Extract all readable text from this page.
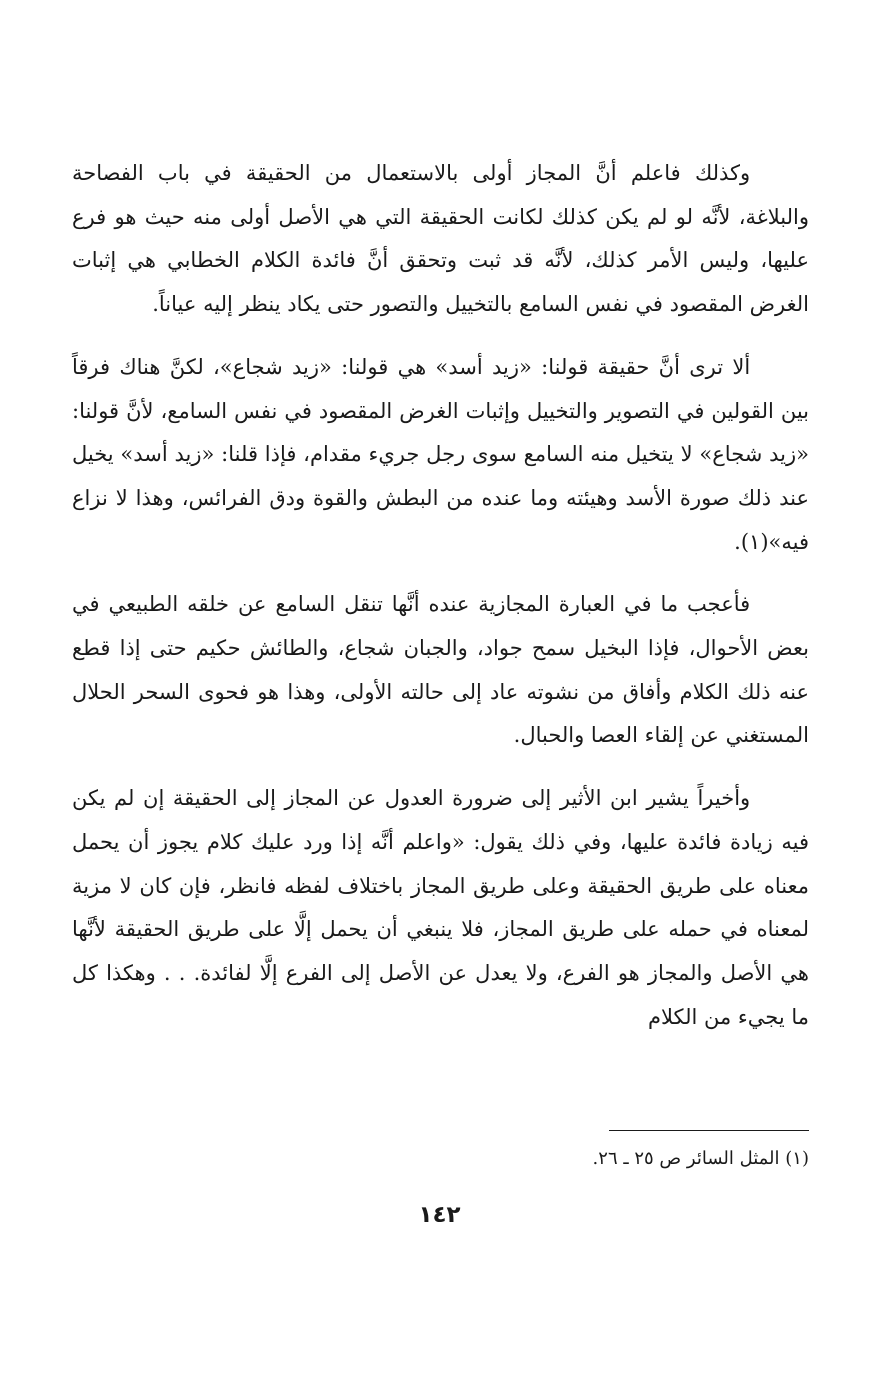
وكذلك فاعلم أنَّ المجاز أولى بالاستعمال من الحقيقة في باب الفصاحة والبلاغة، لأنَّه لو لم يكن كذلك لكانت الحقيقة التي هي الأصل أولى منه حيث هو فرع عليها، وليس الأمر كذلك، لأنَّه قد ثبت وتحقق أنَّ فائدة الكلام الخطابي هي إثبات الغرض المقصود في نفس السامع بالتخييل والتصور حتى يكاد ينظر إليه عياناً.

ألا ترى أنَّ حقيقة قولنا: «زيد أسد» هي قولنا: «زيد شجاع»، لكنَّ هناك فرقاً بين القولين في التصوير والتخييل وإثبات الغرض المقصود في نفس السامع، لأنَّ قولنا: «زيد شجاع» لا يتخيل منه السامع سوى رجل جريء مقدام، فإذا قلنا: «زيد أسد» يخيل عند ذلك صورة الأسد وهيئته وما عنده من البطش والقوة ودق الفرائس، وهذا لا نزاع فيه»(١).

فأعجب ما في العبارة المجازية عنده أنَّها تنقل السامع عن خلقه الطبيعي في بعض الأحوال، فإذا البخيل سمح جواد، والجبان شجاع، والطائش حكيم حتى إذا قطع عنه ذلك الكلام وأفاق من نشوته عاد إلى حالته الأولى، وهذا هو فحوى السحر الحلال المستغني عن إلقاء العصا والحبال.

وأخيراً يشير ابن الأثير إلى ضرورة العدول عن المجاز إلى الحقيقة إن لم يكن فيه زيادة فائدة عليها، وفي ذلك يقول: «واعلم أنَّه إذا ورد عليك كلام يجوز أن يحمل معناه على طريق الحقيقة وعلى طريق المجاز باختلاف لفظه فانظر، فإن كان لا مزية لمعناه في حمله على طريق المجاز، فلا ينبغي أن يحمل إلَّا على طريق الحقيقة لأنَّها هي الأصل والمجاز هو الفرع، ولا يعدل عن الأصل إلى الفرع إلَّا لفائدة. . . وهكذا كل ما يجيء من الكلام

(١) المثل السائر ص ٢٥ ـ ٢٦.

١٤٢
